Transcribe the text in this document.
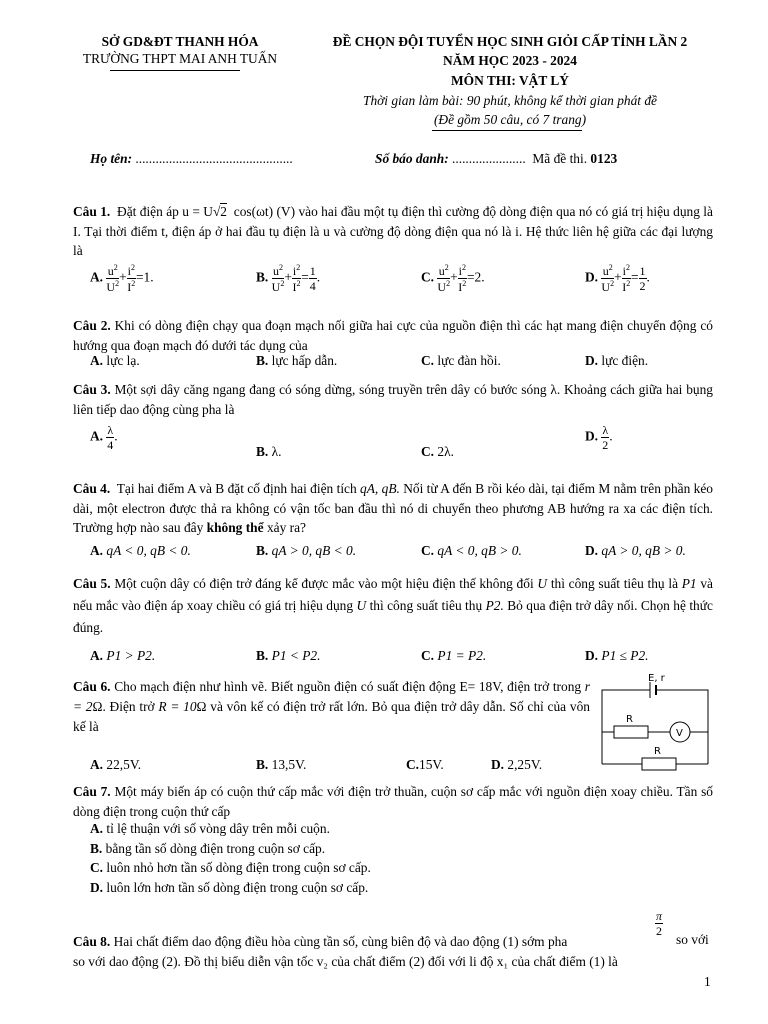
SỞ GD&ĐT THANH HÓA
TRƯỜNG THPT MAI ANH TUẤN
ĐỀ CHỌN ĐỘI TUYỂN HỌC SINH GIỎI CẤP TỈNH LẦN 2
NĂM HỌC 2023 - 2024
MÔN THI: VẬT LÝ
Thời gian làm bài: 90 phút, không kể thời gian phát đề
(Đề gồm 50 câu, có 7 trang)
Họ tên: ...............................................	Số báo danh: ...................... Mã đề thi. 0123

Câu 1. Đặt điện áp u = U√2 cos(ωt) (V) vào hai đầu một tụ điện thì cường độ dòng điện qua nó có giá trị hiệu dụng là I. Tại thời điểm t, điện áp ở hai đầu tụ điện là u và cường độ dòng điện qua nó là i. Hệ thức liên hệ giữa các đại lượng là

A. $\frac{u^2}{U^2} + \frac{i^2}{I^2} =1$.	B. $\frac{u^2}{U^2} + \frac{i^2}{I^2} = \frac{1}{4}$ .	C. $\frac{u^2}{U^2} + \frac{i^2}{I^2} =2$.	D. $\frac{u^2}{U^2} + \frac{i^2}{I^2} = \frac{1}{2}$ .

Câu 2. Khi có dòng điện chạy qua đoạn mạch nối giữa hai cực của nguồn điện thì các hạt mang điện chuyển động có hướng qua đoạn mạch đó dưới tác dụng của

A. lực lạ.	B. lực hấp dẫn.	C. lực đàn hồi.	D. lực điện.

Câu 3. Một sợi dây căng ngang đang có sóng dừng, sóng truyền trên dây có bước sóng λ. Khoảng cách giữa hai bụng liên tiếp dao động cùng pha là

A. $\frac{\lambda}{4}$ .
B. λ.	C. 2λ.
D. $\frac{\lambda}{2}$ .

Câu 4. Tại hai điểm A và B đặt cố định hai điện tích qA, qB. Nối từ A đến B rồi kéo dài, tại điểm M nằm trên phần kéo dài, một electron được thả ra không có vận tốc ban đầu thì nó di chuyển theo phương AB hướng ra xa các điện tích. Trường hợp nào sau đây không thể xảy ra?

A. qA < 0, qB < 0.	B. qA > 0, qB < 0.	C. qA < 0, qB > 0.	D. qA > 0, qB > 0.

Câu 5. Một cuộn dây có điện trở đáng kể được mắc vào một hiệu điện thế không đổi U thì công suất tiêu thụ là P1 và nếu mắc vào điện áp xoay chiều có giá trị hiệu dụng U thì công suất tiêu thụ P2. Bỏ qua điện trở dây nối. Chọn hệ thức đúng.

A. P1 > P2.	B. P1 < P2.	C. P1 = P2.	D. P1 ≤ P2.

Câu 6. Cho mạch điện như hình vẽ. Biết nguồn điện có suất điện động E= 18V, điện trở trong r = 2Ω. Điện trở R = 10Ω và vôn kế có điện trở rất lớn. Bỏ qua điện trở dây dẫn. Số chỉ của vôn kế là

E, r
R
V
R
A. 22,5V.	B. 13,5V.	C.15V.	D. 2,25V.

Câu 7. Một máy biến áp có cuộn thứ cấp mắc với điện trở thuần, cuộn sơ cấp mắc với nguồn điện xoay chiều. Tần số dòng điện trong cuộn thứ cấp

A. tỉ lệ thuận với số vòng dây trên mỗi cuộn.
B. bằng tần số dòng điện trong cuộn sơ cấp.
C. luôn nhỏ hơn tần số dòng điện trong cuộn sơ cấp.
D. luôn lớn hơn tần số dòng điện trong cuộn sơ cấp.

Câu 8. Hai chất điểm dao động điều hòa cùng tần số, cùng biên độ và dao động (1) sớm pha

$\frac{\pi}{2}$
so với

so với dao động (2). Đồ thị biểu diễn vận tốc v₂ của chất điểm (2) đối với li độ x₁ của chất điểm (1) là

1
